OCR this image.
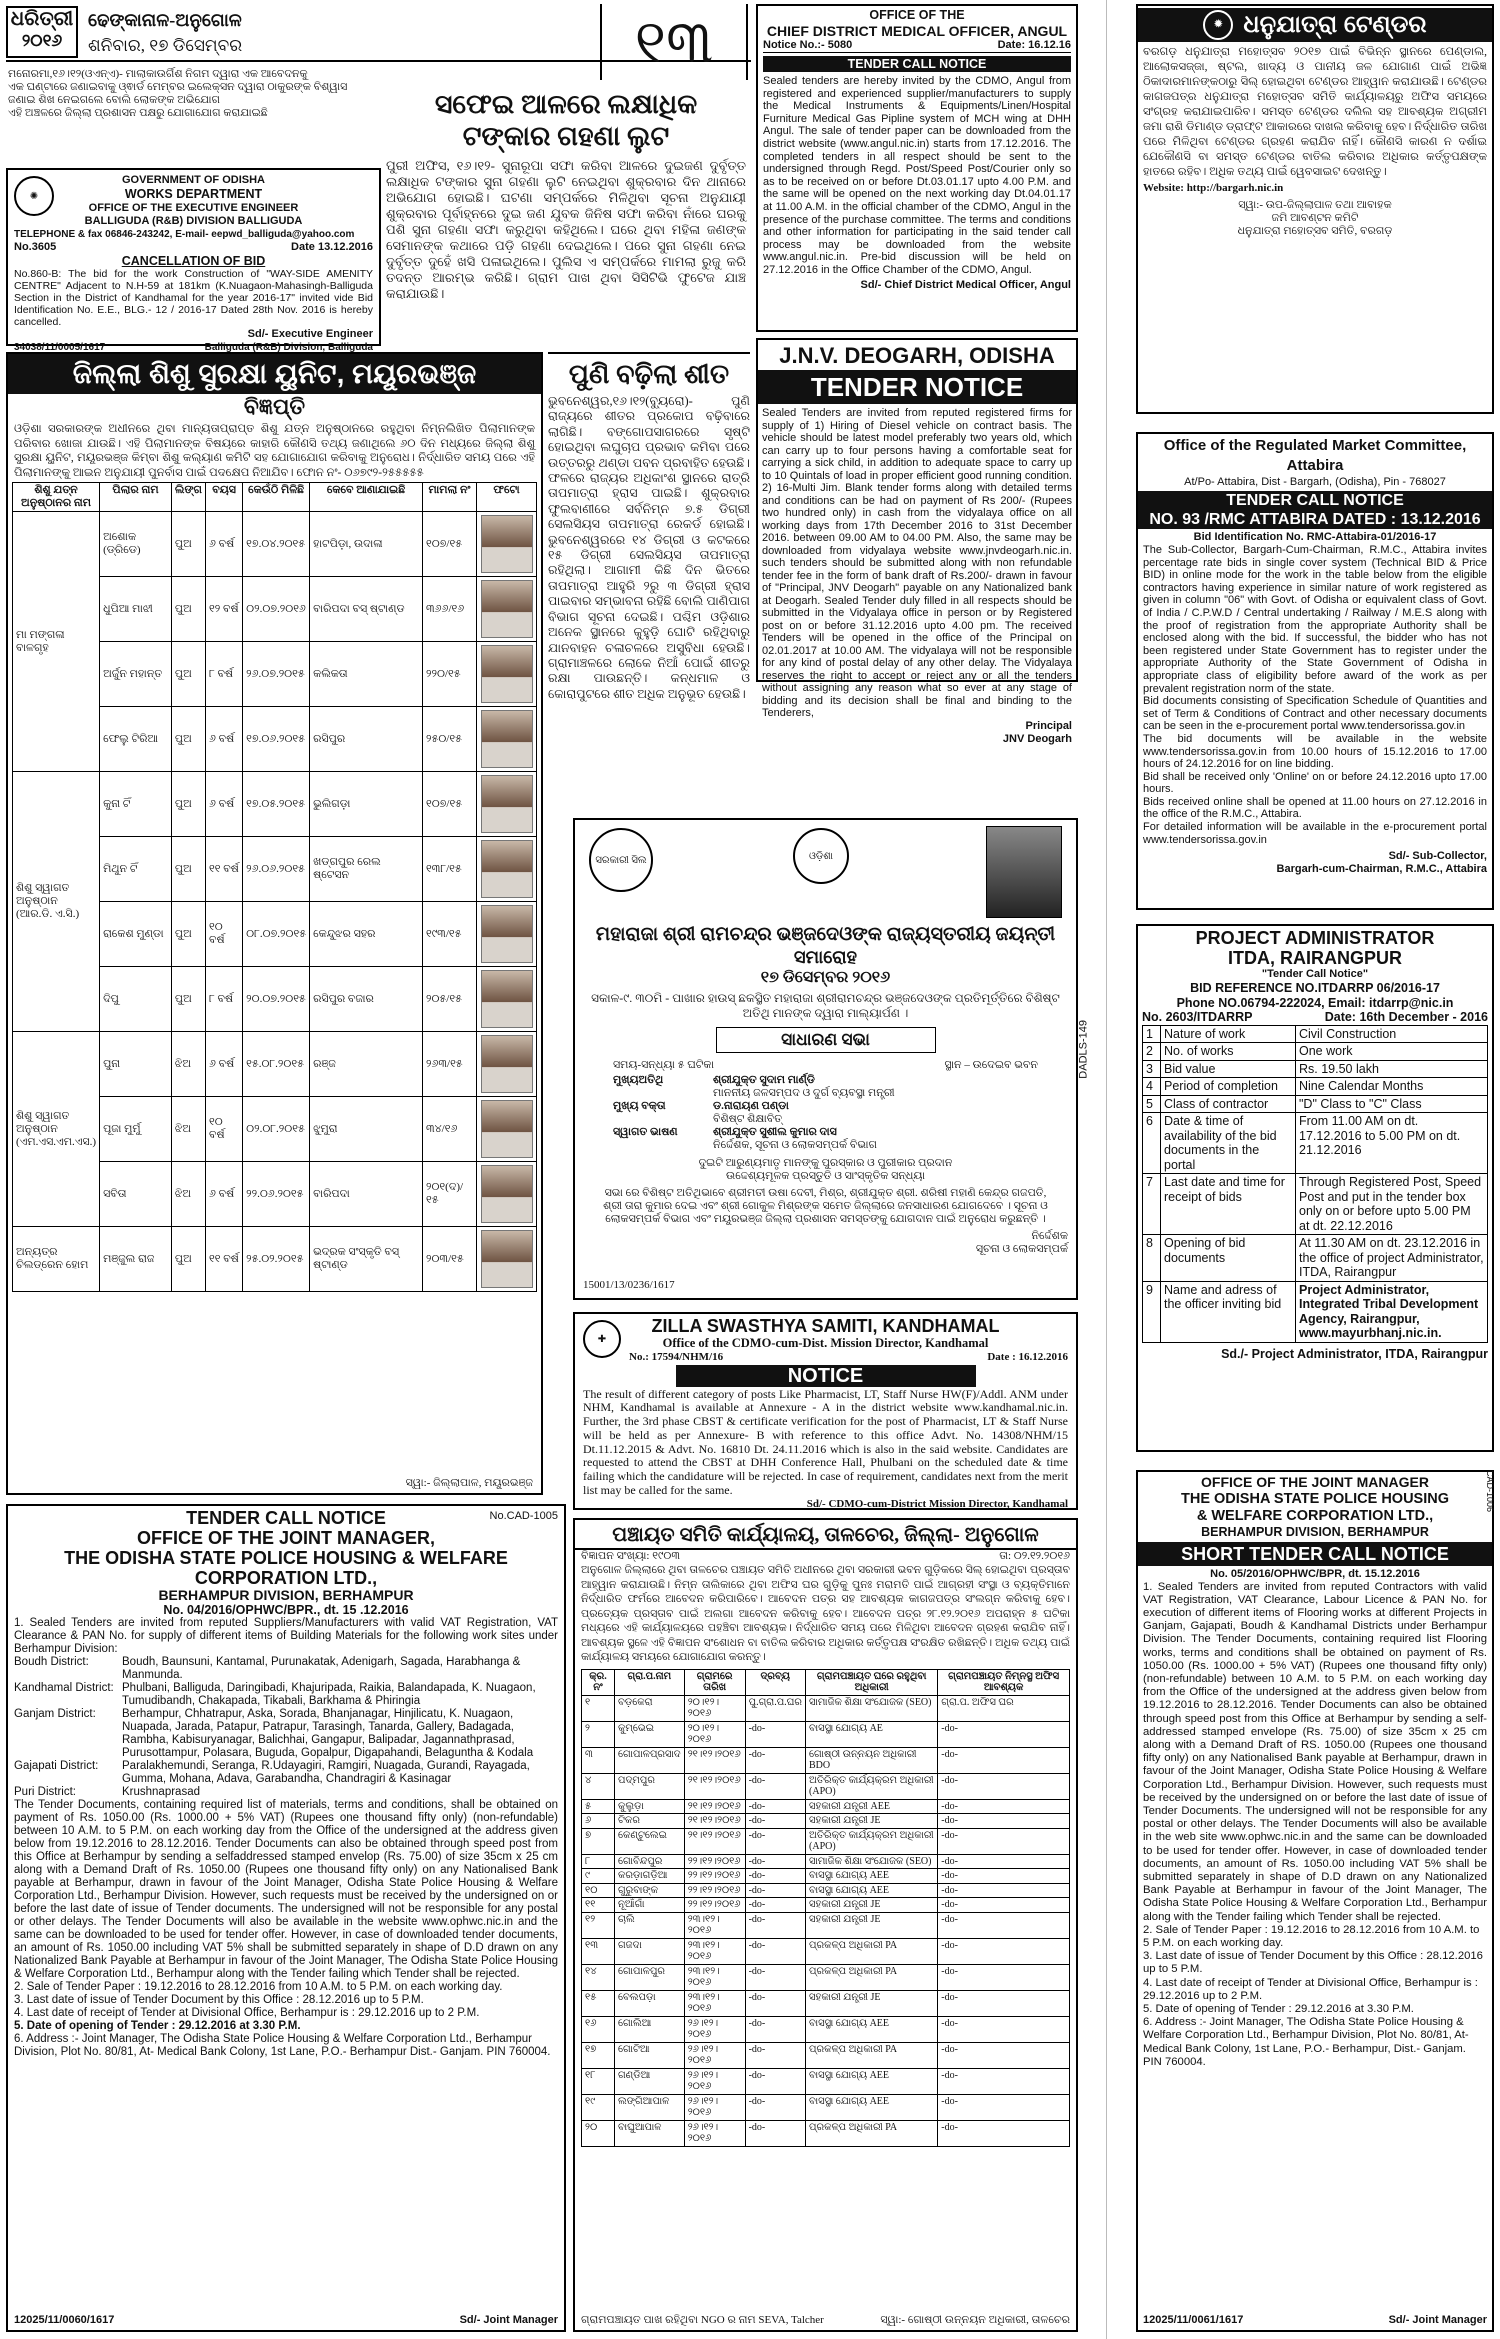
ଧରିତ୍ରୀ
୨୦୧୬
ଢେଙ୍କାନାଳ-ଅନୁଗୋଳ
ଶନିବାର, ୧୭ ଡିସେମ୍ବର	୧୩
ମନୋରମା,୧୬।୧୨(ଓଏନ୍ଏ)- ମାଲାକାଉର୍ଗିଶ ନିଗମ ଦ୍ୱାରା ଏକ ଆବେଦନକୁ
ଏକ ଘଣ୍ଟାରେ ଜଣାଇବାକୁ ଓ୍ଵାର୍ଡ ମେମ୍ବର ଇଲେକ୍ସନ ଦ୍ୱାରା ଠାକୁରଙ୍କ ବିଶ୍ୱାସ
ଜଣାଇ ଶିଖ ନେଇଗଲେ ବୋଲି ଲୋକଙ୍କ ଅଭିଯୋଗ
ଏହି ଅଞ୍ଚଳରେ ଜିଲ୍ଲା ପ୍ରଶାସନ ପକ୍ଷରୁ ଯୋଗାଯୋଗ କରାଯାଇଛି
✺
GOVERNMENT OF ODISHA
WORKS DEPARTMENT
OFFICE OF THE EXECUTIVE ENGINEER
BALLIGUDA (R&B) DIVISION BALLIGUDA
TELEPHONE & fax 06846-243242, E-mail- eepwd_balliguda@yahoo.com
No.3605	Date 13.12.2016
CANCELLATION OF BID
No.860-B: The bid for the work Construction of "WAY-SIDE AMENITY CENTRE" Adjacent to N.H-59 at 181km (K.Nuagaon-Mahasingh-Balliguda Section in the District of Kandhamal for the year 2016-17" invited vide Bid Identification No. E.E., BLG.- 12 / 2016-17 Dated 28th Nov. 2016 is hereby cancelled.
Sd/- Executive Engineer
34038/11/0005/1617	Balliguda (R&B) Division, Balliguda
ସଫେଇ ଆଳରେ ଲକ୍ଷାଧିକ ଟଙ୍କାର ଗହଣା ଲୁଟ
ପୁରୀ ଅଫିସ, ୧୬।୧୨- ସୁନାରୂପା ସଫା କରିବା ଆଳରେ ଦୁଇଜଣ ଦୁର୍ବୃତ୍ତ ଲକ୍ଷାଧିକ ଟଙ୍କାର ସୁନା ଗହଣା ଲୁଟି ନେଇଥିବା ଶୁକ୍ରବାର ଦିନ ଥାନାରେ ଅଭିଯୋଗ ହୋଇଛି। ଘଟଣା ସମ୍ପର୍କରେ ମିଳିଥିବା ସୂଚନା ଅନୁଯାୟୀ ଶୁକ୍ରବାର ପୂର୍ବାହ୍ନରେ ଦୁଇ ଜଣ ଯୁବକ ଜିନିଷ ସଫା କରିବା ନାଁରେ ଘରକୁ ପଶି ସୁନା ଗହଣା ସଫା କରୁଥିବା କହିଥିଲେ। ଘରେ ଥିବା ମହିଳା ଜଣଙ୍କ ସେମାନଙ୍କ କଥାରେ ପଡ଼ି ଗହଣା ଦେଇଥିଲେ। ପରେ ସୁନା ଗହଣା ନେଇ ଦୁର୍ବୃତ୍ତ ଦୁହେଁ ଖସି ପଳାଇଥିଲେ। ପୁଲିସ ଏ ସମ୍ପର୍କରେ ମାମଲା ରୁଜୁ କରି ତଦନ୍ତ ଆରମ୍ଭ କରିଛି। ଗ୍ରାମ ପାଖ ଥିବା ସିସିଟିଭି ଫୁଟେଜ ଯାଞ୍ଚ କରାଯାଉଛି।
OFFICE OF THE
CHIEF DISTRICT MEDICAL OFFICER, ANGUL
Notice No.:- 5080	Date: 16.12.16
TENDER CALL NOTICE
Sealed tenders are hereby invited by the CDMO, Angul from registered and experienced supplier/manufacturers to supply the Medical Instruments & Equipments/Linen/Hospital Furniture Medical Gas Pipline system of MCH wing at DHH Angul. The sale of tender paper can be downloaded from the district website (www.angul.nic.in) starts from 17.12.2016. The completed tenders in all respect should be sent to the undersigned through Regd. Post/Speed Post/Courier only so as to be received on or before Dt.03.01.17 upto 4.00 P.M. and the same will be opened on the next working day Dt.04.01.17 at 11.00 A.M. in the official chamber of the CDMO, Angul in the presence of the purchase committee. The terms and conditions and other information for participating in the said tender call process may be downloaded from the website www.angul.nic.in. Pre-bid discussion will be held on 27.12.2016 in the Office Chamber of the CDMO, Angul.
Sd/- Chief District Medical Officer, Angul
✹ ଧନୁଯାତ୍ରା ଟେଣ୍ଡର
ବରଗଡ଼ ଧନୁଯାତ୍ରା ମହୋତ୍ସବ ୨୦୧୭ ପାଇଁ ବିଭିନ୍ନ ସ୍ଥାନରେ ପେଣ୍ଡାଲ, ଆଲୋକସଜ୍ଜା, ଷ୍ଟଲ, ଖାଦ୍ୟ ଓ ପାନୀୟ ଜଳ ଯୋଗାଣ ପାଇଁ ଅଭିଜ୍ଞ ଠିକାଦାରମାନଙ୍କଠାରୁ ସିଲ୍ ହୋଇଥିବା ଟେଣ୍ଡର ଆହ୍ୱାନ କରାଯାଉଛି। ଟେଣ୍ଡର କାଗଜପତ୍ର ଧନୁଯାତ୍ରା ମହୋତ୍ସବ ସମିତି କାର୍ଯ୍ୟାଳୟରୁ ଅଫିସ ସମୟରେ ସଂଗ୍ରହ କରାଯାଇପାରିବ। ସମସ୍ତ ଟେଣ୍ଡର ଦଲିଲ ସହ ଆବଶ୍ୟକ ଅଗ୍ରୀମ ଜମା ରାଶି ଡିମାଣ୍ଡ ଡ୍ରାଫ୍ଟ ଆକାରରେ ଦାଖଲ କରିବାକୁ ହେବ। ନିର୍ଦ୍ଧାରିତ ତାରିଖ ପରେ ମିଳିଥିବା ଟେଣ୍ଡର ଗ୍ରହଣ କରାଯିବ ନାହିଁ। କୌଣସି କାରଣ ନ ଦର୍ଶାଇ ଯେକୌଣସି ବା ସମସ୍ତ ଟେଣ୍ଡର ବାତିଲ କରିବାର ଅଧିକାର କର୍ତ୍ତୃପକ୍ଷଙ୍କ ହାତରେ ରହିବ। ଅଧିକ ତଥ୍ୟ ପାଇଁ ୱେବସାଇଟ ଦେଖନ୍ତୁ।
Website: http://bargarh.nic.in
ସ୍ୱା:- ଉପ-ଜିଲ୍ଲାପାଳ ତଥା ଆବାହକ
ଜମି ଆବଣ୍ଟନ କମିଟି
ଧନୁଯାତ୍ରା ମହୋତ୍ସବ ସମିତି, ବରଗଡ଼
ଜିଲ୍ଲା ଶିଶୁ ସୁରକ୍ଷା ୟୁନିଟ, ମୟୂରଭଞ୍ଜ
ବିଜ୍ଞପ୍ତି
ଓଡ଼ିଶା ସରକାରଙ୍କ ଅଧୀନରେ ଥିବା ମାନ୍ୟତାପ୍ରାପ୍ତ ଶିଶୁ ଯତ୍ନ ଅନୁଷ୍ଠାନରେ ରହୁଥିବା ନିମ୍ନଲିଖିତ ପିଲାମାନଙ୍କ ପରିବାର ଖୋଜା ଯାଉଛି। ଏହି ପିଲାମାନଙ୍କ ବିଷୟରେ କାହାରି କୌଣସି ତଥ୍ୟ ଜଣାଥିଲେ ୬୦ ଦିନ ମଧ୍ୟରେ ଜିଲ୍ଲା ଶିଶୁ ସୁରକ୍ଷା ୟୁନିଟ, ମୟୂରଭଞ୍ଜ କିମ୍ବା ଶିଶୁ କଲ୍ୟାଣ କମିଟି ସହ ଯୋଗାଯୋଗ କରିବାକୁ ଅନୁରୋଧ। ନିର୍ଦ୍ଧାରିତ ସମୟ ପରେ ଏହି ପିଲାମାନଙ୍କୁ ଆଇନ ଅନୁଯାୟୀ ପୁନର୍ବାସ ପାଇଁ ପଦକ୍ଷେପ ନିଆଯିବ। ଫୋନ ନଂ- ୦୬୭୯୨-୨୫୫୫୫୫
ଶିଶୁ ଯତ୍ନ ଅନୁଷ୍ଠାନର ନାମ	ପିଲାର ନାମ	ଲିଙ୍ଗ	ବୟସ	କେଉଁଠି ମିଳିଛି	କେବେ ଆଣାଯାଇଛି	ମାମଲା ନଂ	ଫଟୋ
ମା ମଙ୍ଗଳା ବାଳଗୃହ	ଅଶୋକ (ଡ୍ରିଡେ)	ପୁଅ	୬ ବର୍ଷ	୧୭.୦୪.୨୦୧୫	ହାଟପିଡ଼ା, ଉଦାଳା	୧୦୭/୧୫	

	ଧୁପିଆ ମାଝୀ	ପୁଅ	୧୨ ବର୍ଷ	୦୨.୦୭.୨୦୧୬	ବାରିପଦା ବସ୍ ଷ୍ଟାଣ୍ଡ	୩୬୬/୧୬	

	ଅର୍ଜୁନ ମହାନ୍ତ	ପୁଅ	୮ ବର୍ଷ	୨୬.୦୭.୨୦୧୫	କଲିକତା	୨୨୦/୧୫	

	ଫେଲୁ ଟିରିଆ	ପୁଅ	୬ ବର୍ଷ	୧୭.୦୬.୨୦୧୫	ରସିପୁର	୨୫୦/୧୫	

ଶିଶୁ ସ୍ୱାଗତ ଅନୁଷ୍ଠାନ (ଆର.ଡି. ଏ.ସି.)	କୁନା ଟିଁ	ପୁଅ	୬ ବର୍ଷ	୧୭.୦୫.୨୦୧୫	ଭୁଲିଗଡ଼ା	୧୦୭/୧୫	

	ମିଥୁନ ଟିଁ	ପୁଅ	୧୧ ବର୍ଷ	୨୬.୦୬.୨୦୧୫	ଖଡ୍ଗପୁର ରେଲ ଷ୍ଟେସନ	୧୩୮/୧୫	

	ରାକେଶ ମୁଣ୍ଡା	ପୁଅ	୧୦ ବର୍ଷ	୦୮.୦୭.୨୦୧୫	କେନ୍ଦୁଝର ସହର	୧୯୩/୧୫	

	ଦିପୁ	ପୁଅ	୮ ବର୍ଷ	୨୦.୦୭.୨୦୧୫	ରସିପୁର ବଜାର	୨୦୫/୧୫	

ଶିଶୁ ସ୍ୱାଗତ ଅନୁଷ୍ଠାନ (ଏମ.ଏସ.ଏମ.ଏସ.)	ପୁନା	ଝିଅ	୬ ବର୍ଷ	୧୫.୦୮.୨୦୧୫	ରଞ୍ଜ	୨୬୩/୧୫	

	ପୂଜା ମୁର୍ମୁ	ଝିଅ	୧୦ ବର୍ଷ	୦୨.୦୮.୨୦୧୫	ଝୁମୁରା	୩୪/୧୬	

	ସବିତା	ଝିଅ	୬ ବର୍ଷ	୨୨.୦୬.୨୦୧୫	ବାରିପଦା	୨୦୧(ଦ)/୧୫	

ଅନ୍ୟତ୍ର ଚିଲଡ୍ରେନ ହୋମ	ମଞ୍ଜୁଲ ରାଜ	ପୁଅ	୧୧ ବର୍ଷ	୨୫.୦୨.୨୦୧୫	ଭଦ୍ରକ ସଂସ୍କୃତି ବସ୍ ଷ୍ଟାଣ୍ଡ	୨୦୩/୧୫	
ସ୍ୱା:- ଜିଲ୍ଲାପାଳ, ମୟୂରଭଞ୍ଜ
ପୁଣି ବଢ଼ିଲା ଶୀତ
ଭୁବନେଶ୍ୱର,୧୬।୧୨(ବ୍ୟୁରୋ)- ପୁଣି ରାଜ୍ୟରେ ଶୀତର ପ୍ରକୋପ ବଢ଼ିବାରେ ଲାଗିଛି। ବଙ୍ଗୋପସାଗରରେ ସୃଷ୍ଟି ହୋଇଥିବା ଲଘୁଚାପ ପ୍ରଭାବ କମିବା ପରେ ଉତ୍ତରରୁ ଥଣ୍ଡା ପବନ ପ୍ରବାହିତ ହେଉଛି। ଫଳରେ ରାଜ୍ୟର ଅଧିକାଂଶ ସ୍ଥାନରେ ରାତ୍ରି ତାପମାତ୍ରା ହ୍ରାସ ପାଇଛି। ଶୁକ୍ରବାର ଫୁଲବାଣୀରେ ସର୍ବନିମ୍ନ ୭.୫ ଡିଗ୍ରୀ ସେଲସିୟସ ତାପମାତ୍ରା ରେକର୍ଡ ହୋଇଛି। ଭୁବନେଶ୍ୱରରେ ୧୪ ଡିଗ୍ରୀ ଓ କଟକରେ ୧୫ ଡିଗ୍ରୀ ସେଲସିୟସ ତାପମାତ୍ରା ରହିଥିଲା। ଆଗାମୀ କିଛି ଦିନ ଭିତରେ ତାପମାତ୍ରା ଆହୁରି ୨ରୁ ୩ ଡିଗ୍ରୀ ହ୍ରାସ ପାଇବାର ସମ୍ଭାବନା ରହିଛି ବୋଲି ପାଣିପାଗ ବିଭାଗ ସୂଚନା ଦେଇଛି। ପଶ୍ଚିମ ଓଡ଼ିଶାର ଅନେକ ସ୍ଥାନରେ କୁହୁଡ଼ି ଘୋଟି ରହିଥିବାରୁ ଯାନବାହନ ଚଳାଚଳରେ ଅସୁବିଧା ହେଉଛି। ଗ୍ରାମାଞ୍ଚଳରେ ଲୋକେ ନିଆଁ ପୋଇଁ ଶୀତରୁ ରକ୍ଷା ପାଉଛନ୍ତି। କନ୍ଧମାଳ ଓ କୋରାପୁଟରେ ଶୀତ ଅଧିକ ଅନୁଭୂତ ହେଉଛି।
J.N.V. DEOGARH, ODISHA
TENDER NOTICE
Sealed Tenders are invited from reputed registered firms for supply of 1) Hiring of Diesel vehicle on contract basis. The vehicle should be latest model preferably two years old, which can carry up to four persons having a comfortable seat for carrying a sick child, in addition to adequate space to carry up to 10 Quintals of load in proper efficient good running condition. 2) 16-Multi Jim. Blank tender forms along with detailed terms and conditions can be had on payment of Rs 200/- (Rupees two hundred only) in cash from the vidyalaya office on all working days from 17th December 2016 to 31st December 2016. between 09.00 AM to 04.00 PM. Also, the same may be downloaded from vidyalaya website www.jnvdeogarh.nic.in. such tenders should be submitted along with non refundable tender fee in the form of bank draft of Rs.200/- drawn in favour of "Principal, JNV Deogarh" payable on any Nationalized bank at Deogarh. Sealed Tender duly filled in all respects should be submitted in the Vidyalaya office in person or by Registered post on or before 31.12.2016 upto 4.00 pm. The received Tenders will be opened in the office of the Principal on 02.01.2017 at 10.00 AM. The vidyalaya will not be responsible for any kind of postal delay of any other delay. The Vidyalaya reserves the right to accept or reject any or all the tenders without assigning any reason what so ever at any stage of bidding and its decision shall be final and binding to the Tenderers,
Principal
JNV Deogarh
Office of the Regulated Market Committee, Attabira
At/Po- Attabira, Dist - Bargarh, (Odisha), Pin - 768027
TENDER CALL NOTICE
NO. 93 /RMC ATTABIRA DATED : 13.12.2016
Bid Identification No. RMC-Attabira-01/2016-17
The Sub-Collector, Bargarh-Cum-Chairman, R.M.C., Attabira invites percentage rate bids in single cover system (Technical BID & Price BID) in online mode for the work in the table below from the eligible contractors having experience in similar nature of work registered as given in column "06" with Govt. of Odisha or equivalent class of Govt. of India / C.P.W.D / Central undertaking / Railway / M.E.S along with the proof of registration from the appropriate Authority shall be enclosed along with the bid. If successful, the bidder who has not been registered under State Government has to register under the appropriate Authority of the State Government of Odisha in appropriate class of eligibility before award of the work as per prevalent registration norm of the state.
Bid documents consisting of Specification Schedule of Quantities and set of Term & Conditions of Contract and other necessary documents can be seen in the e-procurement portal www.tendersorissa.gov.in
The bid documents will be available in the website www.tendersorissa.gov.in from 10.00 hours of 15.12.2016 to 17.00 hours of 24.12.2016 for on line bidding.
Bid shall be received only 'Online' on or before 24.12.2016 upto 17.00 hours.
Bids received online shall be opened at 11.00 hours on 27.12.2016 in the office of the R.M.C., Attabira.
For detailed information will be available in the e-procurement portal www.tendersorissa.gov.in
Sd/- Sub-Collector,
Bargarh-cum-Chairman, R.M.C., Attabira
ସରକାରୀ ସିଲ	ଓଡ଼ିଶା
ମହାରାଜା ଶ୍ରୀ ରାମଚନ୍ଦ୍ର ଭଞ୍ଜଦେଓଙ୍କ ରାଜ୍ୟସ୍ତରୀୟ ଜୟନ୍ତୀ
ସମାରୋହ
୧୭ ଡିସେମ୍ବର ୨୦୧୬
ସକାଳ-୯. ୩୦ମି - ପାଖାର ହାଉସ୍ ଛକସ୍ଥିତ ମହାରାଜା ଶ୍ରୀରାମଚନ୍ଦ୍ର ଭଞ୍ଜଦେଓଙ୍କ ପ୍ରତିମୂର୍ତ୍ତିରେ ବିଶିଷ୍ଟ ଅତିଥି ମାନଙ୍କ ଦ୍ୱାରା ମାଲ୍ୟାର୍ପଣ ।
ସାଧାରଣ ସଭା
ସମୟ-ସନ୍ଧ୍ୟା ୫ ଘଟିକା	ସ୍ଥାନ – ଉଦେଇବ ଭବନ
ମୁଖ୍ୟଅତିଥି	ଶ୍ରୀଯୁକ୍ତ ସୁଦାମ ମାର୍ଣ୍ଡି
ମାନନୀୟ ଜଳସମ୍ପଦ ଓ ଦୁର୍ଗ ବ୍ୟବସ୍ଥା ମନ୍ତ୍ରୀ
ମୁଖ୍ୟ ବକ୍ତା	ଡ.ନାରାୟଣ ପଣ୍ଡା
ବିଶିଷ୍ଟ ଶିକ୍ଷାବିତ୍
ସ୍ୱାଗତ ଭାଷଣ	ଶ୍ରୀଯୁକ୍ତ ସୁଶୀଲ କୁମାର ଦାସ
ନିର୍ଦ୍ଦେଶକ, ସୂଚନା ଓ ଲୋକସମ୍ପର୍କ ବିଭାଗ
ଦୁଇଟି ଆରୁଣ୍ୟମାତୃ ମାନଙ୍କୁ ପୁରସ୍କାର ଓ ପୁରୀକାର ପ୍ରଦାନ
ଉଦ୍ଦେଶ୍ୟମୂଳକ ପ୍ରସ୍ତୁତି ଓ ସାଂସ୍କୃତିକ ସନ୍ଧ୍ୟା
ସଭା ରେ ବିଶିଷ୍ଟ ଅତିଥିଭାବେ ଶ୍ରୀମତୀ ଉଷା ଦେବୀ, ମିଶ୍ର, ଶ୍ରୀଯୁକ୍ତ ଶ୍ରୀ. ଶରିଷୀ ମହାଣି କେନ୍ଦ୍ର ଗଜପତି, ଶ୍ରୀ ତାରା କୁମାର ଦେଇ ଏବଂ ଶ୍ରୀ ଗୋକୁଳ ମିଶ୍ରଙ୍କ ସମେତ ଜିଲ୍ଲାରେ ଜନସାଧାରଣ ଯୋଗଦେବେ । ସୂଚନା ଓ ଲୋକସମ୍ପର୍କ ବିଭାଗ ଏବଂ ମୟୂରଭଞ୍ଜ ଜିଲ୍ଲା ପ୍ରଶାସନ ସମସ୍ତଙ୍କୁ ଯୋଗଦାନ ପାଇଁ ଅନୁରୋଧ କରୁଛନ୍ତି ।
ନିର୍ଦ୍ଦେଶକ
ସୂଚନା ଓ ଲୋକସମ୍ପର୍କ
15001/13/0236/1617
DADLS-149
PROJECT ADMINISTRATOR
ITDA, RAIRANGPUR
"Tender Call Notice"
BID REFERENCE NO.ITDARRP 06/2016-17
Phone NO.06794-222024, Email: itdarrp@nic.in
No. 2603/ITDARRP	Date: 16th December - 2016
1	Nature of work	Civil Construction
2	No. of works	One work
3	Bid value	Rs. 19.50 lakh
4	Period of completion	Nine Calendar Months
5	Class of contractor	"D" Class to "C" Class
6	Date & time of availability of the bid documents in the portal	From 11.00 AM on dt. 17.12.2016 to 5.00 PM on dt. 21.12.2016
7	Last date and time for receipt of bids	Through Registered Post, Speed Post and put in the tender box only on or before upto 5.00 PM at dt. 22.12.2016
8	Opening of bid documents	At 11.30 AM on dt. 23.12.2016 in the office of project Administrator, ITDA, Rairangpur
9	Name and adress of the officer inviting bid	Project Administrator, Integrated Tribal Development Agency, Rairangpur, www.mayurbhanj.nic.in.
Sd./- Project Administrator, ITDA, Rairangpur
✚
ZILLA SWASTHYA SAMITI, KANDHAMAL
Office of the CDMO-cum-Dist. Mission Director, Kandhamal
No.: 17594/NHM/16	Date : 16.12.2016
NOTICE
The result of different category of posts Like Pharmacist, LT, Staff Nurse HW(F)/Addl. ANM under NHM, Kandhamal is available at Annexure - A in the district website www.kandhamal.nic.in. Further, the 3rd phase CBST & certificate verification for the post of Pharmacist, LT & Staff Nurse will be held as per Annexure- B with reference to this office Advt. No. 14308/NHM/15 Dt.11.12.2015 & Advt. No. 16810 Dt. 24.11.2016 which is also in the said website. Candidates are requested to attend the CBST at DHH Conference Hall, Phulbani on the scheduled date & time failing which the candidature will be rejected. In case of requirement, candidates next from the merit list may be called for the same.
Sd/- CDMO-cum-District Mission Director, Kandhamal
TENDER CALL NOTICE	No.CAD-1005
OFFICE OF THE JOINT MANAGER,
THE ODISHA STATE POLICE HOUSING & WELFARE
CORPORATION LTD.,
BERHAMPUR DIVISION, BERHAMPUR
No. 04/2016/OPHWC/BPR., dt. 15 .12.2016
1. Sealed Tenders are invited from reputed Suppliers/Manufacturers with valid VAT Registration, VAT Clearance & PAN No. for supply of different items of Building Materials for the following work sites under Berhampur Division:
Boudh District:	Boudh, Baunsuni, Kantamal, Purunakatak, Adenigarh, Sagada, Harabhanga & Manmunda.
Kandhamal District: Phulbani, Balliguda, Daringibadi, Khajuripada, Raikia, Balandapada, K. Nuagaon, Tumudibandh, Chakapada, Tikabali, Barkhama & Phiringia
Ganjam District:	Berhampur, Chhatrapur, Aska, Sorada, Bhanjanagar, Hinjilicatu, K. Nuagaon, Nuapada, Jarada, Patapur, Patrapur, Tarasingh, Tanarda, Gallery, Badagada, Rambha, Kabisuryanagar, Balichhai, Gangapur, Balipadar, Jagannathprasad, Purusottampur, Polasara, Buguda, Gopalpur, Digapahandi, Belaguntha & Kodala
Gajapati District:	Paralakhemundi, Seranga, R.Udayagiri, Ramgiri, Nuagada, Gurandi, Rayagada, Gumma, Mohana, Adava, Garabandha, Chandragiri & Kasinagar
Puri District:	Krushnaprasad
The Tender Documents, containing required list of materials, terms and conditions, shall be obtained on payment of Rs. 1050.00 (Rs. 1000.00 + 5% VAT) (Rupees one thousand fifty only) (non-refundable) between 10 A.M. to 5 P.M. on each working day from the Office of the undersigned at the address given below from 19.12.2016 to 28.12.2016. Tender Documents can also be obtained through speed post from this Office at Berhampur by sending a selfaddressed stamped envelop (Rs. 75.00) of size 35cm x 25 cm along with a Demand Draft of Rs. 1050.00 (Rupees one thousand fifty only) on any Nationalised Bank payable at Berhampur, drawn in favour of the Joint Manager, Odisha State Police Housing & Welfare Corporation Ltd., Berhampur Division. However, such requests must be received by the undersigned on or before the last date of issue of Tender documents. The undersigned will not be responsible for any postal or other delays. The Tender Documents will also be available in the website www.ophwc.nic.in and the same can be downloaded to be used for tender offer. However, in case of downloaded tender documents, an amount of Rs. 1050.00 including VAT 5% shall be submitted separately in shape of D.D drawn on any Nationalized Bank Payable at Berhampur in favour of the Joint Manager, The Odisha State Police Housing & Welfare Corporation Ltd., Berhampur along with the Tender failing which Tender shall be rejected.
2. Sale of Tender Paper : 19.12.2016 to 28.12.2016 from 10 A.M. to 5 P.M. on each working day.
3. Last date of issue of Tender Document by this Office : 28.12.2016 up to 5 P.M.
4. Last date of receipt of Tender at Divisional Office, Berhampur is : 29.12.2016 up to 2 P.M.
5. Date of opening of Tender : 29.12.2016 at 3.30 P.M.
6. Address :- Joint Manager, The Odisha State Police Housing & Welfare Corporation Ltd., Berhampur Division, Plot No. 80/81, At- Medical Bank Colony, 1st Lane, P.O.- Berhampur Dist.- Ganjam. PIN 760004.
12025/11/0060/1617	Sd/- Joint Manager
ପଞ୍ଚାୟତ ସମିତି କାର୍ଯ୍ୟାଳୟ, ତାଳଚେର, ଜିଲ୍ଲା- ଅନୁଗୋଳ
ବିଜ୍ଞାପନ ସଂଖ୍ୟା: ୧୯୦୩	ତା: ୦୨.୧୨.୨୦୧୬
ଅନୁଗୋଳ ଜିଲ୍ଲାରେ ଥିବା ତାଳଚେର ପଞ୍ଚାୟତ ସମିତି ଅଧୀନରେ ଥିବା ସରକାରୀ ଭବନ ଗୁଡ଼ିକରେ ସିଲ୍ ହୋଇଥିବା ପ୍ରସ୍ତାବ ଆହ୍ୱାନ କରାଯାଉଛି। ନିମ୍ନ ତାଲିକାରେ ଥିବା ଅଫିସ ଘର ଗୁଡ଼ିକୁ ପୁନଃ ମରାମତି ପାଇଁ ଆଗ୍ରହୀ ସଂସ୍ଥା ଓ ବ୍ୟକ୍ତିମାନେ ନିର୍ଦ୍ଧାରିତ ଫର୍ମରେ ଆବେଦନ କରିପାରିବେ। ଆବେଦନ ପତ୍ର ସହ ଆବଶ୍ୟକ କାଗଜପତ୍ର ସଂଲଗ୍ନ କରିବାକୁ ହେବ। ପ୍ରତ୍ୟେକ ପ୍ରସ୍ତାବ ପାଇଁ ଅଲଗା ଆବେଦନ କରିବାକୁ ହେବ। ଆବେଦନ ପତ୍ର ୨୮.୧୨.୨୦୧୬ ଅପରାହ୍ନ ୫ ଘଟିକା ମଧ୍ୟରେ ଏହି କାର୍ଯ୍ୟାଳୟରେ ପହଞ୍ଚିବା ଆବଶ୍ୟକ। ନିର୍ଦ୍ଧାରିତ ସମୟ ପରେ ମିଳିଥିବା ଆବେଦନ ଗ୍ରହଣ କରାଯିବ ନାହିଁ। ଆବଶ୍ୟକ ସ୍ଥଳେ ଏହି ବିଜ୍ଞାପନ ସଂଶୋଧନ ବା ବାତିଲ କରିବାର ଅଧିକାର କର୍ତ୍ତୃପକ୍ଷ ସଂରକ୍ଷିତ ରଖିଛନ୍ତି। ଅଧିକ ତଥ୍ୟ ପାଇଁ କାର୍ଯ୍ୟାଳୟ ସମୟରେ ଯୋଗାଯୋଗ କରନ୍ତୁ।
କ୍ର. ନଂ	ଗ୍ରା.ପ.ନାମ	ଗ୍ରାମରେ ତାରିଖ	ଦ୍ରବ୍ୟ	ଗ୍ରାମପଞ୍ଚାୟତ ଘରେ ରହୁଥିବା ଅଧିକାରୀ	ଗ୍ରାମପଞ୍ଚାୟତ ନିମ୍ନସ୍ଥ ଅଫିସ ଆବଶ୍ୟକ
୧	ବଡ଼କେରା	୨୦।୧୨।୨୦୧୬	ପୁ.ଗ୍ରା.ପ.ଘର	ସାମାଜିକ ଶିକ୍ଷା ସଂଯୋଜକ (SEO)	ଗ୍ରା.ପ. ଅଫିସ ଘର
୨	କୁମ୍ଭେଇ	୨୦।୧୨।୨୦୧୬	-do-	ବାସସ୍ଥା ଯୋଗ୍ୟ AE	-do-
୩	ଗୋପାଳପ୍ରସାଦ	୨୧।୧୨।୨୦୧୬	-do-	ଗୋଷ୍ଠୀ ଉନ୍ନୟନ ଅଧିକାରୀ BDO	-do-
୪	ପଦ୍ମପୁର	୨୧।୧୨।୨୦୧୬	-do-	ଅତିରିକ୍ତ କାର୍ଯ୍ୟକ୍ରମ ଅଧିକାରୀ (APO)	-do-
୫	କୁଲୁଡ଼ା	୨୧।୧୨।୨୦୧୬	-do-	ସହକାରୀ ଯନ୍ତ୍ରୀ AEE	-do-
୬	ଟିକର	୨୧।୧୨।୨୦୧୬	-do-	ସହକାରୀ ଯନ୍ତ୍ରୀ JE	-do-
୭	କେଣ୍ଟୁଲେଇ	୨୧।୧୨।୨୦୧୬	-do-	ଅତିରିକ୍ତ କାର୍ଯ୍ୟକ୍ରମ ଅଧିକାରୀ (APO)	-do-
୮	ଗୋବିନ୍ଦପୁର	୨୨।୧୨।୨୦୧୬	-do-	ସାମାଜିକ ଶିକ୍ଷା ସଂଯୋଜକ (SEO)	-do-
୯	କରଡ଼ାଗଡ଼ିଆ	୨୨।୧୨।୨୦୧୬	-do-	ବାସସ୍ଥା ଯୋଗ୍ୟ AEE	-do-
୧୦	ଗୁରୁବାଙ୍କ	୨୨।୧୨।୨୦୧୬	-do-	ବାସସ୍ଥା ଯୋଗ୍ୟ AEE	-do-
୧୧	ନୂଆଁଗାଁ	୨୨।୧୨।୨୦୧୬	-do-	ସହକାରୀ ଯନ୍ତ୍ରୀ JE	-do-
୧୨	ଚାଲି	୨୩।୧୨।୨୦୧୬	-do-	ସହକାରୀ ଯନ୍ତ୍ରୀ JE	-do-
୧୩	ଗଜଦା	୨୩।୧୨।୨୦୧୬	-do-	ପ୍ରକଳ୍ପ ଅଧିକାରୀ PA	-do-
୧୪	ଗୋପାଳପୁର	୨୩।୧୨।୨୦୧୬	-do-	ପ୍ରକଳ୍ପ ଅଧିକାରୀ PA	-do-
୧୫	ବେଲପଡ଼ା	୨୩।୧୨।୨୦୧୬	-do-	ସହକାରୀ ଯନ୍ତ୍ରୀ JE	-do-
୧୬	ଗୋଲିଆ	୨୬।୧୨।୨୦୧୬	-do-	ବାସସ୍ଥା ଯୋଗ୍ୟ AEE	-do-
୧୭	ଗୋଟିଆ	୨୬।୧୨।୨୦୧୬	-do-	ପ୍ରକଳ୍ପ ଅଧିକାରୀ PA	-do-
୧୮	ଗଣ୍ଡିଆ	୨୬।୧୨।୨୦୧୬	-do-	ବାସସ୍ଥା ଯୋଗ୍ୟ AEE	-do-
୧୯	ଲଙ୍ଗିଆପାଳ	୨୬।୧୨।୨୦୧୬	-do-	ବାସସ୍ଥା ଯୋଗ୍ୟ AEE	-do-
୨୦	ବାଘୁଆପାଳ	୨୬।୧୨।୨୦୧୬	-do-	ପ୍ରକଳ୍ପ ଅଧିକାରୀ PA	-do-
ଗ୍ରାମପଞ୍ଚାୟତ ପାଖ ରହିଥିବା NGO ର ନାମ SEVA, Talcher	ସ୍ୱା:- ଗୋଷ୍ଠୀ ଉନ୍ନୟନ ଅଧିକାରୀ, ତାଳଚେର
OFFICE OF THE JOINT MANAGER
THE ODISHA STATE POLICE HOUSING
& WELFARE CORPORATION LTD.,
BERHAMPUR DIVISION, BERHAMPUR
SHORT TENDER CALL NOTICE
No. 05/2016/OPHWC/BPR, dt. 15.12.2016
CAD-1006
1. Sealed Tenders are invited from reputed Contractors with valid VAT Registration, VAT Clearance, Labour Licence & PAN No. for execution of different items of Flooring works at different Projects in Ganjam, Gajapati, Boudh & Kandhamal Districts under Berhampur Division. The Tender Documents, containing required list Flooring works, terms and conditions shall be obtained on payment of Rs. 1050.00 (Rs. 1000.00 + 5% VAT) (Rupees one thousand fifty only) (non-refundable) between 10 A.M. to 5 P.M. on each working day from the Office of the undersigned at the address given below from 19.12.2016 to 28.12.2016. Tender Documents can also be obtained through speed post from this Office at Berhampur by sending a self-addressed stamped envelope (Rs. 75.00) of size 35cm x 25 cm along with a Demand Draft of RS. 1050.00 (Rupees one thousand fifty only) on any Nationalised Bank payable at Berhampur, drawn in favour of the Joint Manager, Odisha State Police Housing & Welfare Corporation Ltd., Berhampur Division. However, such requests must be received by the undersigned on or before the last date of issue of Tender Documents. The undersigned will not be responsible for any postal or other delays. The Tender Documents will also be available in the web site www.ophwc.nic.in and the same can be downloaded to be used for tender offer. However, in case of downloaded tender documents, an amount of Rs. 1050.00 including VAT 5% shall be submitted separately in shape of D.D drawn on any Nationalized Bank Payable at Berhampur in favour of the Joint Manager, The Odisha State Police Housing & Welfare Corporation Ltd., Berhampur along with the Tender failing which Tender shall be rejected.
2. Sale of Tender Paper : 19.12.2016 to 28.12.2016 from 10 A.M. to 5 P.M. on each working day.
3. Last date of issue of Tender Document by this Office : 28.12.2016 up to 5 P.M.
4. Last date of receipt of Tender at Divisional Office, Berhampur is : 29.12.2016 up to 2 P.M.
5. Date of opening of Tender : 29.12.2016 at 3.30 P.M.
6. Address :- Joint Manager, The Odisha State Police Housing & Welfare Corporation Ltd., Berhampur Division, Plot No. 80/81, At- Medical Bank Colony, 1st Lane, P.O.- Berhampur, Dist.- Ganjam. PIN 760004.
12025/11/0061/1617	Sd/- Joint Manager
